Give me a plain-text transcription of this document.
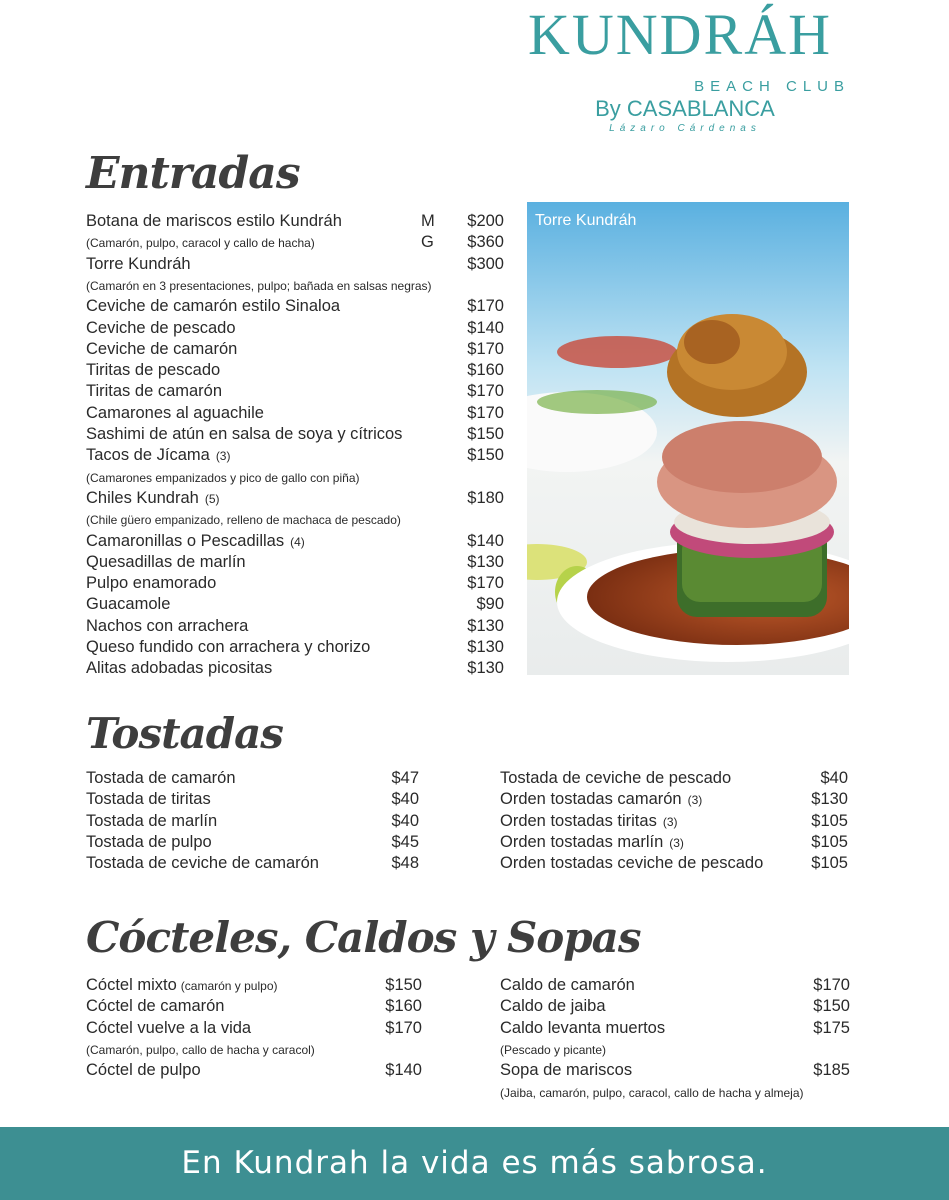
KUNDRÁH
BEACH CLUB
By CASABLANCA
Lázaro Cárdenas
Entradas
Botana de mariscos estilo Kundráh	M	$200
(Camarón, pulpo, caracol y callo de hacha)	G	$360
Torre Kundráh	$300
(Camarón en 3 presentaciones, pulpo; bañada en salsas negras)
Ceviche de camarón estilo Sinaloa	$170
Ceviche de pescado	$140
Ceviche de camarón	$170
Tiritas de pescado	$160
Tiritas de camarón	$170
Camarones al aguachile	$170
Sashimi de atún en salsa de soya y cítricos	$150
Tacos de Jícama (3)	$150
(Camarones empanizados y pico de gallo con piña)
Chiles Kundrah (5)	$180
(Chile güero empanizado, relleno de machaca de pescado)
Camaronillas o Pescadillas (4)	$140
Quesadillas de marlín	$130
Pulpo enamorado	$170
Guacamole	$90
Nachos con arrachera	$130
Queso fundido con arrachera y chorizo	$130
Alitas adobadas picositas	$130
Torre Kundráh
Tostadas
Tostada de camarón	$47
Tostada de tiritas	$40
Tostada de marlín	$40
Tostada de pulpo	$45
Tostada de ceviche de camarón	$48
Tostada de ceviche de pescado	$40
Orden tostadas camarón (3)	$130
Orden tostadas tiritas (3)	$105
Orden tostadas marlín (3)	$105
Orden tostadas ceviche de pescado	$105
Cócteles, Caldos y Sopas
Cóctel mixto (camarón y pulpo)	$150
Cóctel de camarón	$160
Cóctel vuelve a la vida	$170
(Camarón, pulpo, callo de hacha y caracol)
Cóctel de pulpo	$140
Caldo de camarón	$170
Caldo de jaiba	$150
Caldo levanta muertos	$175
(Pescado y picante)
Sopa de mariscos	$185
(Jaiba, camarón, pulpo, caracol, callo de hacha y almeja)
En Kundrah la vida es más sabrosa.
